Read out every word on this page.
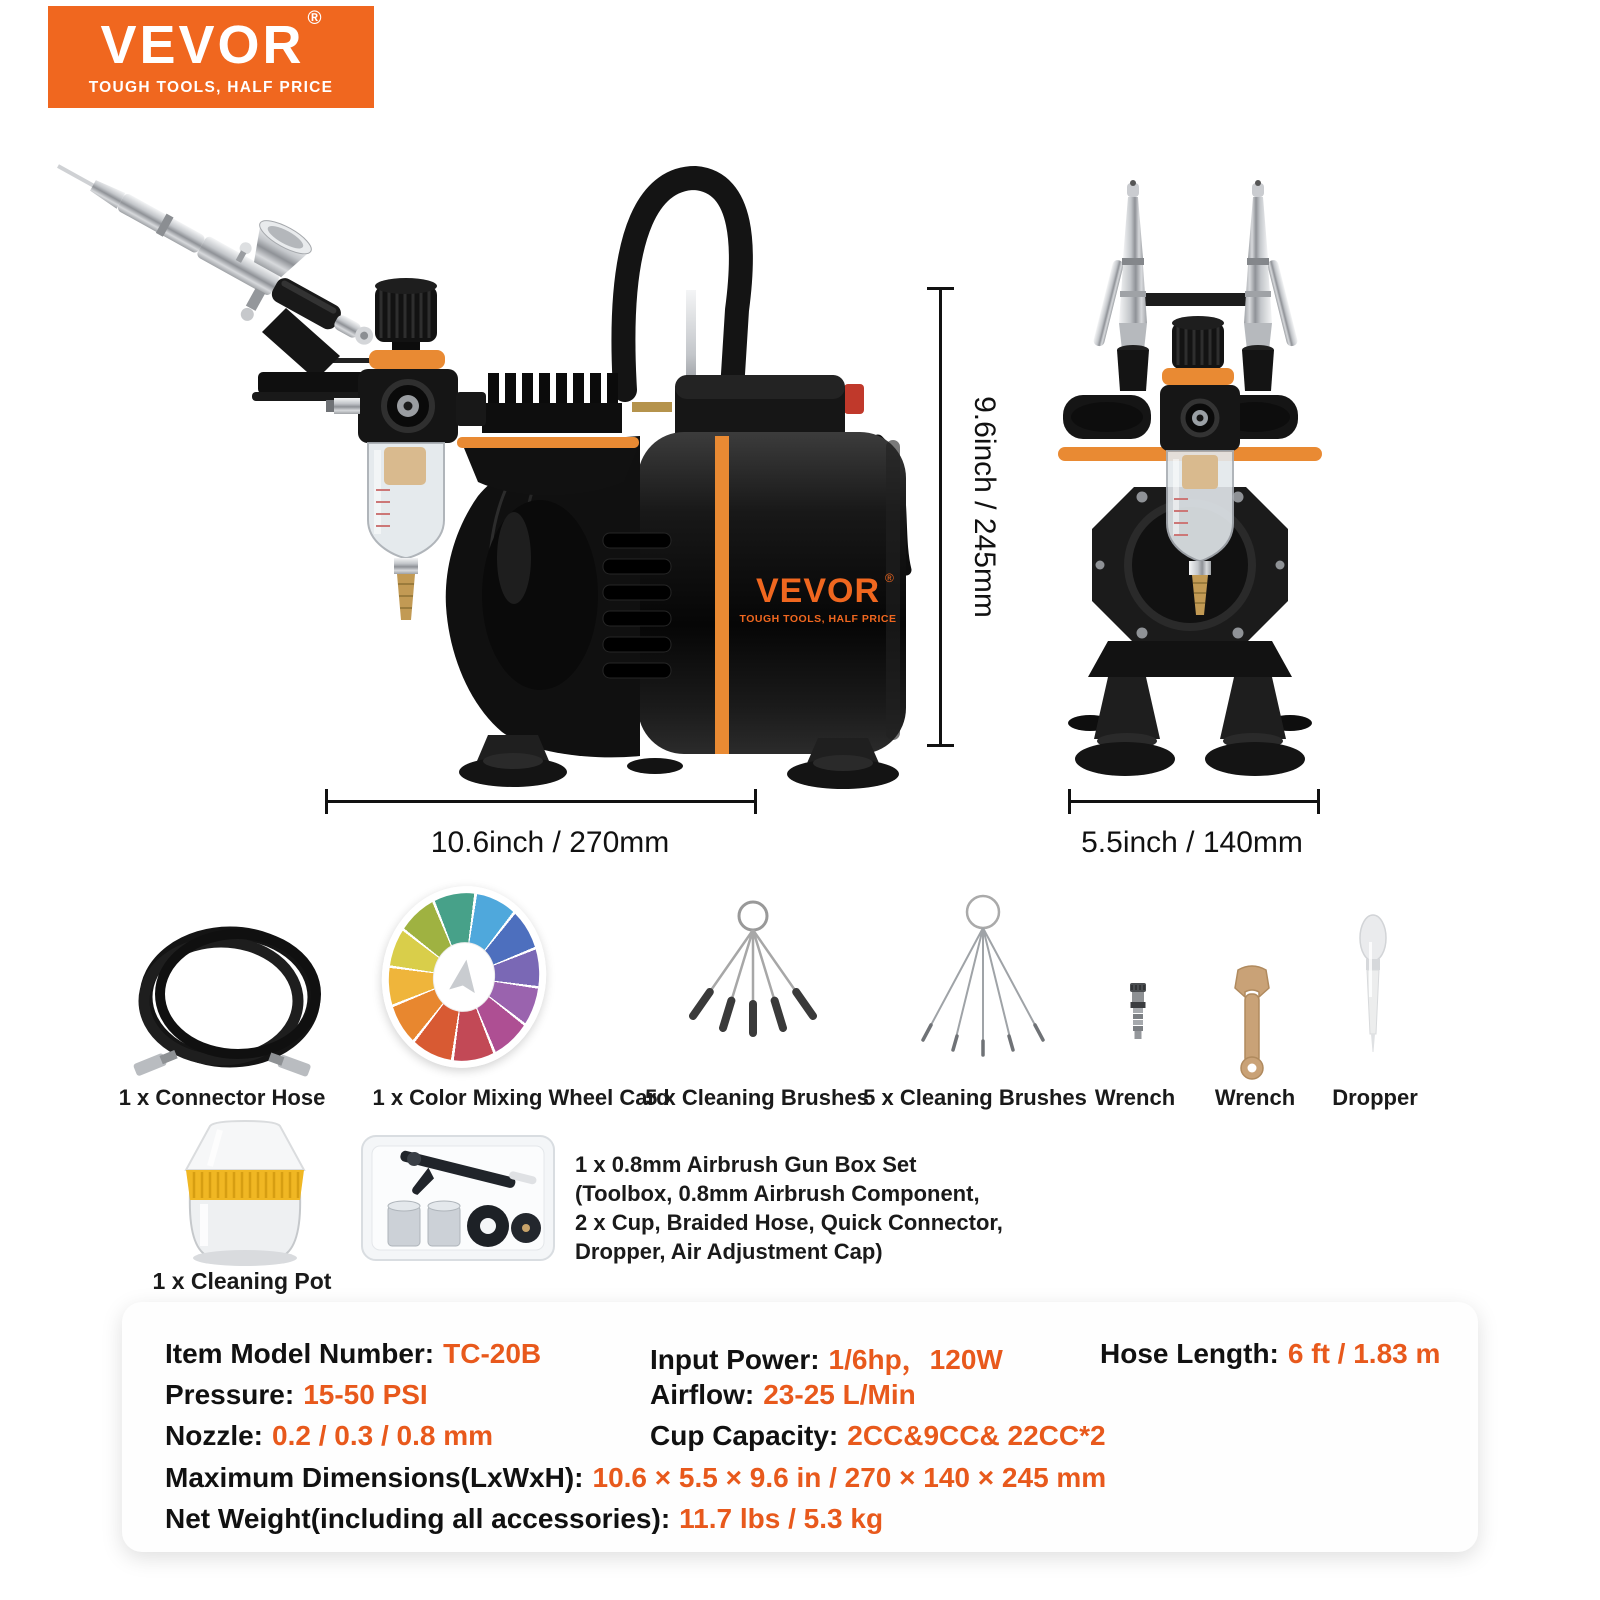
VEVOR ®
TOUGH TOOLS, HALF PRICE
VEVOR ®
TOUGH TOOLS, HALF PRICE
9.6inch / 245mm
10.6inch / 270mm	5.5inch / 140mm
1 x Connector Hose 1 x Color Mixing Wheel Card
5 x Cleaning Brushes
5 x Cleaning Brushes Wrench Wrench Dropper
1 x Cleaning Pot
1 x 0.8mm Airbrush Gun Box Set
(Toolbox, 0.8mm Airbrush Component,
2 x Cup, Braided Hose, Quick Connector,
Dropper, Air Adjustment Cap)
Item Model Number: TC-20B	Input Power: 1/6hp，120W	Hose Length: 6 ft / 1.83 m
Pressure: 15-50 PSI	Airflow: 23-25 L/Min
Nozzle: 0.2 / 0.3 / 0.8 mm	Cup Capacity: 2CC&9CC& 22CC*2
Maximum Dimensions(LxWxH): 10.6 × 5.5 × 9.6 in / 270 × 140 × 245 mm
Net Weight(including all accessories): 11.7 lbs / 5.3 kg
